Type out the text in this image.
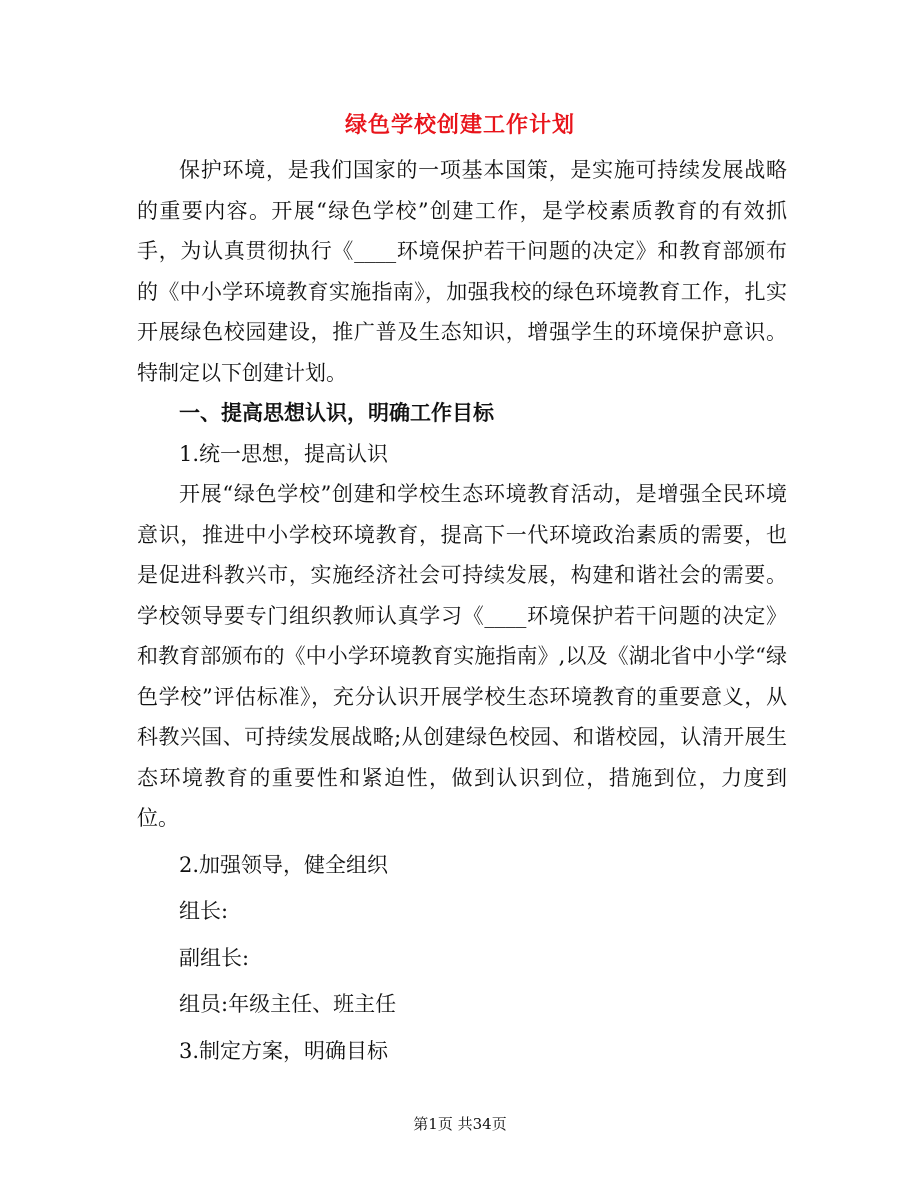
绿色学校创建工作计划

保护环境，是我们国家的一项基本国策，是实施可持续发展战略的重要内容。开展“绿色学校”创建工作，是学校素质教育的有效抓手，为认真贯彻执行《____环境保护若干问题的决定》和教育部颁布的《中小学环境教育实施指南》，加强我校的绿色环境教育工作，扎实开展绿色校园建设，推广普及生态知识，增强学生的环境保护意识。特制定以下创建计划。

一、提高思想认识，明确工作目标

1.统一思想，提高认识

开展“绿色学校”创建和学校生态环境教育活动，是增强全民环境意识，推进中小学校环境教育，提高下一代环境政治素质的需要，也是促进科教兴市，实施经济社会可持续发展，构建和谐社会的需要。学校领导要专门组织教师认真学习《____环境保护若干问题的决定》和教育部颁布的《中小学环境教育实施指南》,以及《湖北省中小学“绿色学校”评估标准》，充分认识开展学校生态环境教育的重要意义，从科教兴国、可持续发展战略;从创建绿色校园、和谐校园，认清开展生态环境教育的重要性和紧迫性，做到认识到位，措施到位，力度到位。

2.加强领导，健全组织

组长:

副组长:

组员:年级主任、班主任

3.制定方案，明确目标

第1页 共34页
